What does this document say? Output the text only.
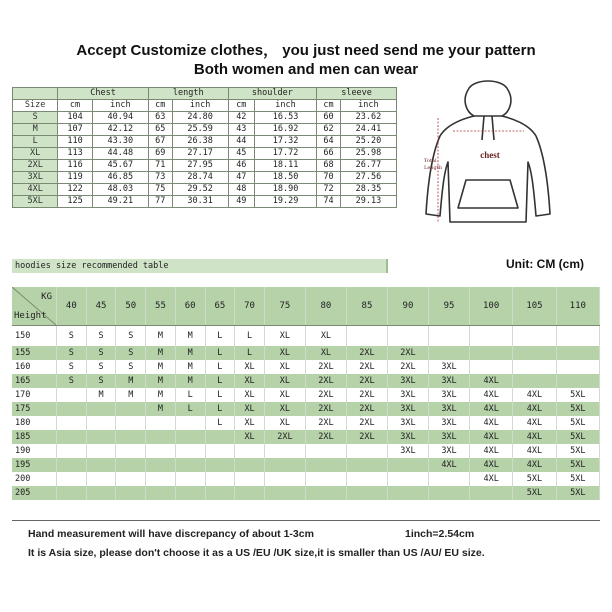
Accept Customize clothes， you just need send me your pattern
Both women and men can wear
	Chest		length		shoulder		sleeve	
Size	cm	inch	cm	inch	cm	inch	cm	inch
S	104	40.94	63	24.80	42	16.53	60	23.62
M	107	42.12	65	25.59	43	16.92	62	24.41
L	110	43.30	67	26.38	44	17.32	64	25.20
XL	113	44.48	69	27.17	45	17.72	66	25.98
2XL	116	45.67	71	27.95	46	18.11	68	26.77
3XL	119	46.85	73	28.74	47	18.50	70	27.56
4XL	122	48.03	75	29.52	48	18.90	72	28.35
5XL	125	49.21	77	30.31	49	19.29	74	29.13
chest
Total
Length
hoodies size recommended table	Unit: CM (cm)
KG
Height	40	45	50	55	60	65	70	75	80	85	90	95	100	105	110
150	S	S	S	M	M	L	L	XL	XL						
155	S	S	S	M	M	L	L	XL	XL	2XL	2XL				
160	S	S	S	M	M	L	XL	XL	2XL	2XL	2XL	3XL			
165	S	S	M	M	M	L	XL	XL	2XL	2XL	3XL	3XL	4XL		
170		M	M	M	L	L	XL	XL	2XL	2XL	3XL	3XL	4XL	4XL	5XL
175				M	L	L	XL	XL	2XL	2XL	3XL	3XL	4XL	4XL	5XL
180						L	XL	XL	2XL	2XL	3XL	3XL	4XL	4XL	5XL
185							XL	2XL	2XL	2XL	3XL	3XL	4XL	4XL	5XL
190											3XL	3XL	4XL	4XL	5XL
195												4XL	4XL	4XL	5XL
200													4XL	5XL	5XL
205														5XL	5XL
Hand measurement will have discrepancy of about 1-3cm	1inch=2.54cm
It is Asia size, please don't choose it as a US /EU /UK size,it is smaller than US /AU/ EU size.
